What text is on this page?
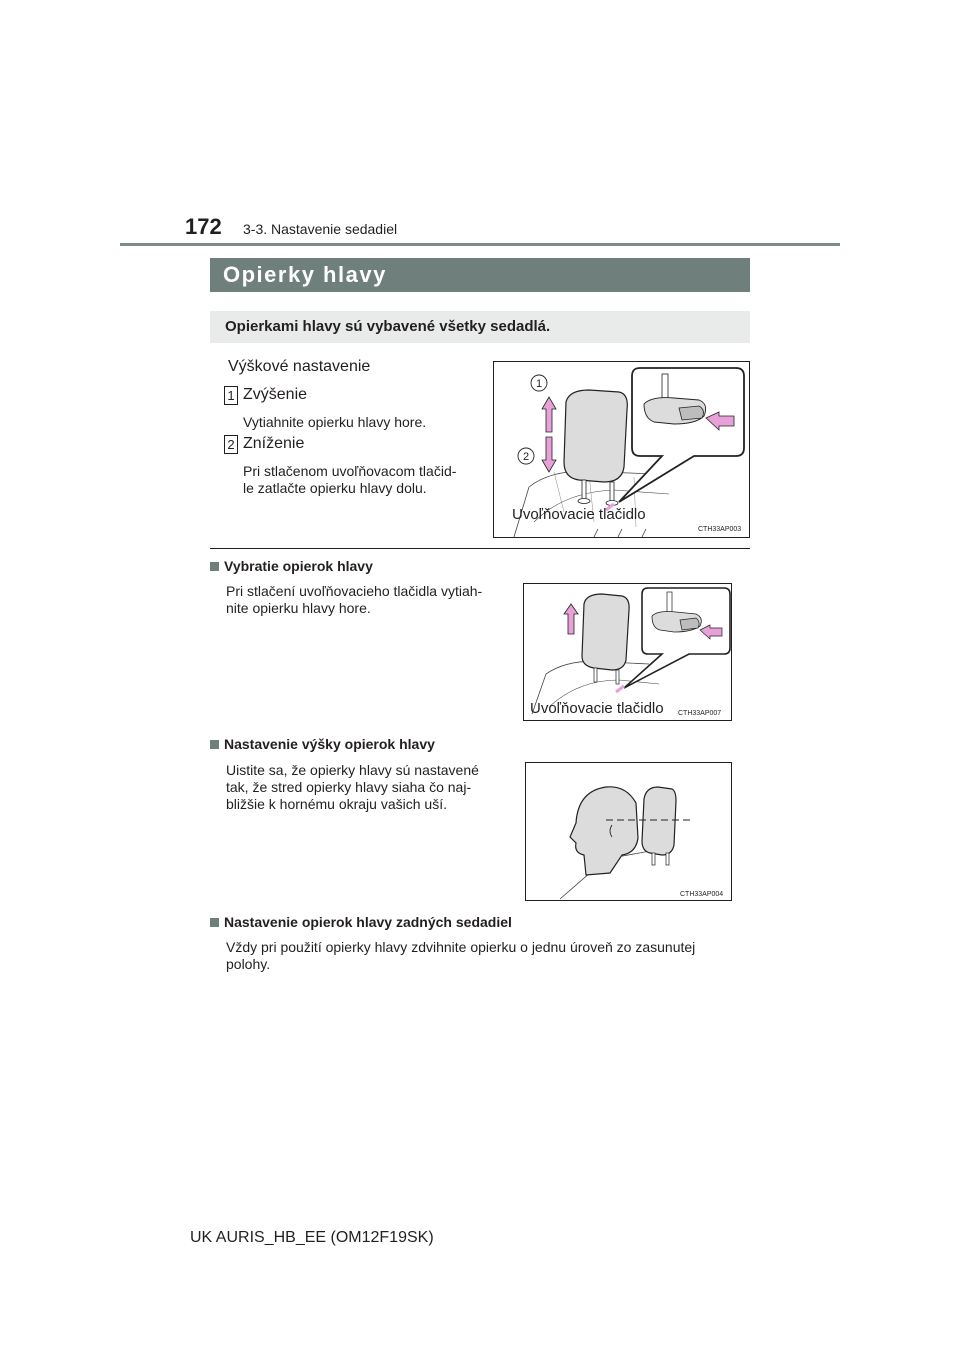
172 3-3. Nastavenie sedadiel
Opierky hlavy
Opierkami hlavy sú vybavené všetky sedadlá.
Výškové nastavenie
1 Zvýšenie
Vytiahnite opierku hlavy hore.
2 Zníženie
Pri stlačenom uvoľňovacom tlačid-
le zatlačte opierku hlavy dolu.
1
2
Uvoľňovacie tlačidlo
CTH33AP003
Vybratie opierok hlavy
Pri stlačení uvoľňovacieho tlačidla vytiah-
nite opierku hlavy hore.
Uvoľňovacie tlačidlo CTH33AP007
Nastavenie výšky opierok hlavy
Uistite sa, že opierky hlavy sú nastavené
tak, že stred opierky hlavy siaha čo naj-
bližšie k hornému okraju vašich uší.
CTH33AP004
Nastavenie opierok hlavy zadných sedadiel
Vždy pri použití opierky hlavy zdvihnite opierku o jednu úroveň zo zasunutej
polohy.
UK AURIS_HB_EE (OM12F19SK)
